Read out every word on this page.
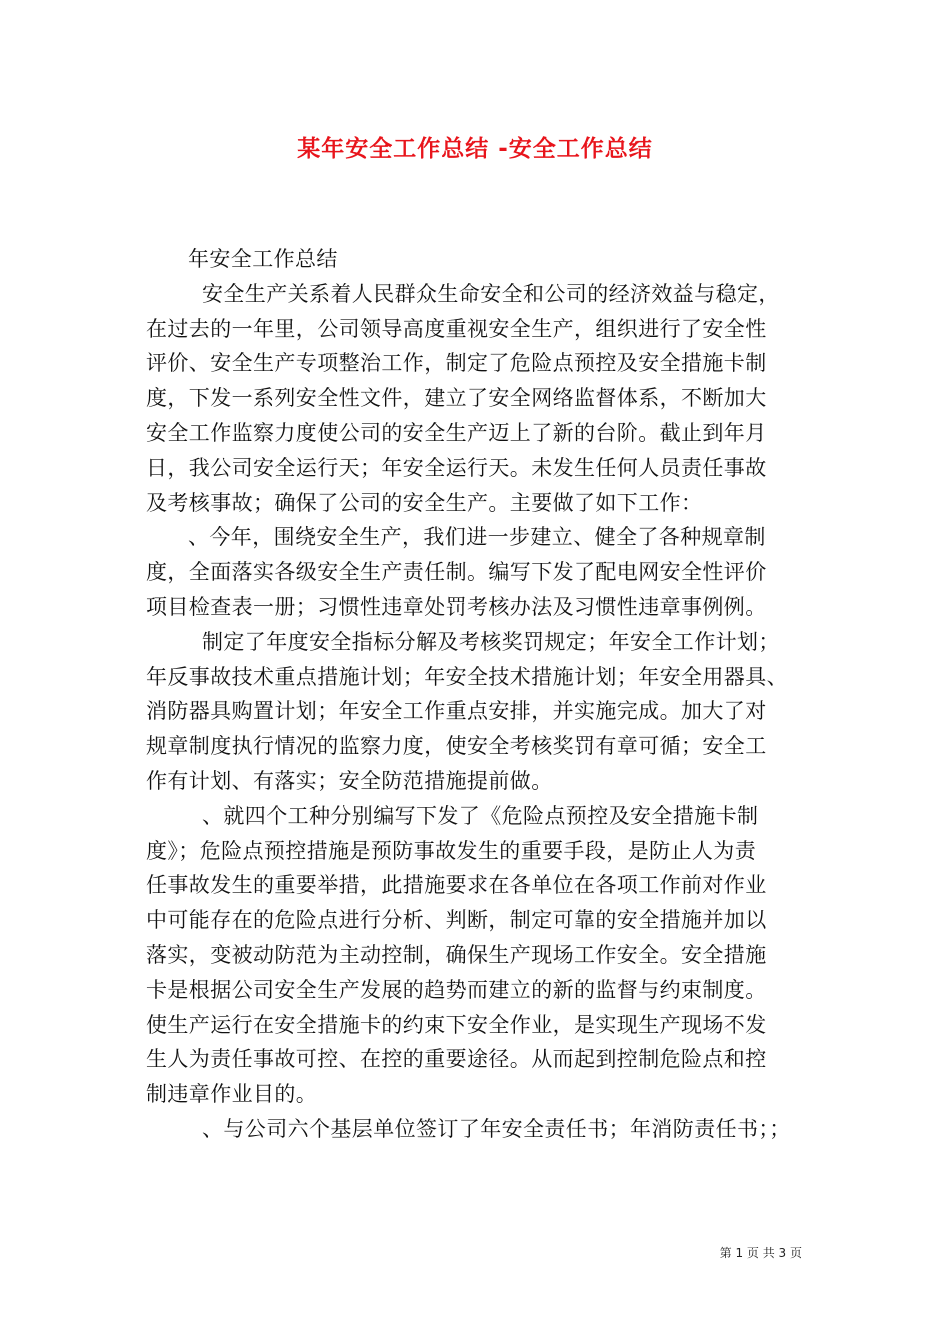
某年安全工作总结 -安全工作总结
年安全工作总结
安全生产关系着人民群众生命安全和公司的经济效益与稳定，
在过去的一年里，公司领导高度重视安全生产，组织进行了安全性
评价、安全生产专项整治工作，制定了危险点预控及安全措施卡制
度，下发一系列安全性文件，建立了安全网络监督体系，不断加大
安全工作监察力度使公司的安全生产迈上了新的台阶。截止到年月
日，我公司安全运行天；年安全运行天。未发生任何人员责任事故
及考核事故；确保了公司的安全生产。主要做了如下工作：
、今年，围绕安全生产，我们进一步建立、健全了各种规章制
度，全面落实各级安全生产责任制。编写下发了配电网安全性评价
项目检查表一册；习惯性违章处罚考核办法及习惯性违章事例例。
制定了年度安全指标分解及考核奖罚规定；年安全工作计划；
年反事故技术重点措施计划；年安全技术措施计划；年安全用器具、
消防器具购置计划；年安全工作重点安排，并实施完成。加大了对
规章制度执行情况的监察力度，使安全考核奖罚有章可循；安全工
作有计划、有落实；安全防范措施提前做。
、就四个工种分别编写下发了《危险点预控及安全措施卡制
度》；危险点预控措施是预防事故发生的重要手段，是防止人为责
任事故发生的重要举措，此措施要求在各单位在各项工作前对作业
中可能存在的危险点进行分析、判断，制定可靠的安全措施并加以
落实，变被动防范为主动控制，确保生产现场工作安全。安全措施
卡是根据公司安全生产发展的趋势而建立的新的监督与约束制度。
使生产运行在安全措施卡的约束下安全作业，是实现生产现场不发
生人为责任事故可控、在控的重要途径。从而起到控制危险点和控
制违章作业目的。
、与公司六个基层单位签订了年安全责任书；年消防责任书；；
第 1 页 共 3 页
